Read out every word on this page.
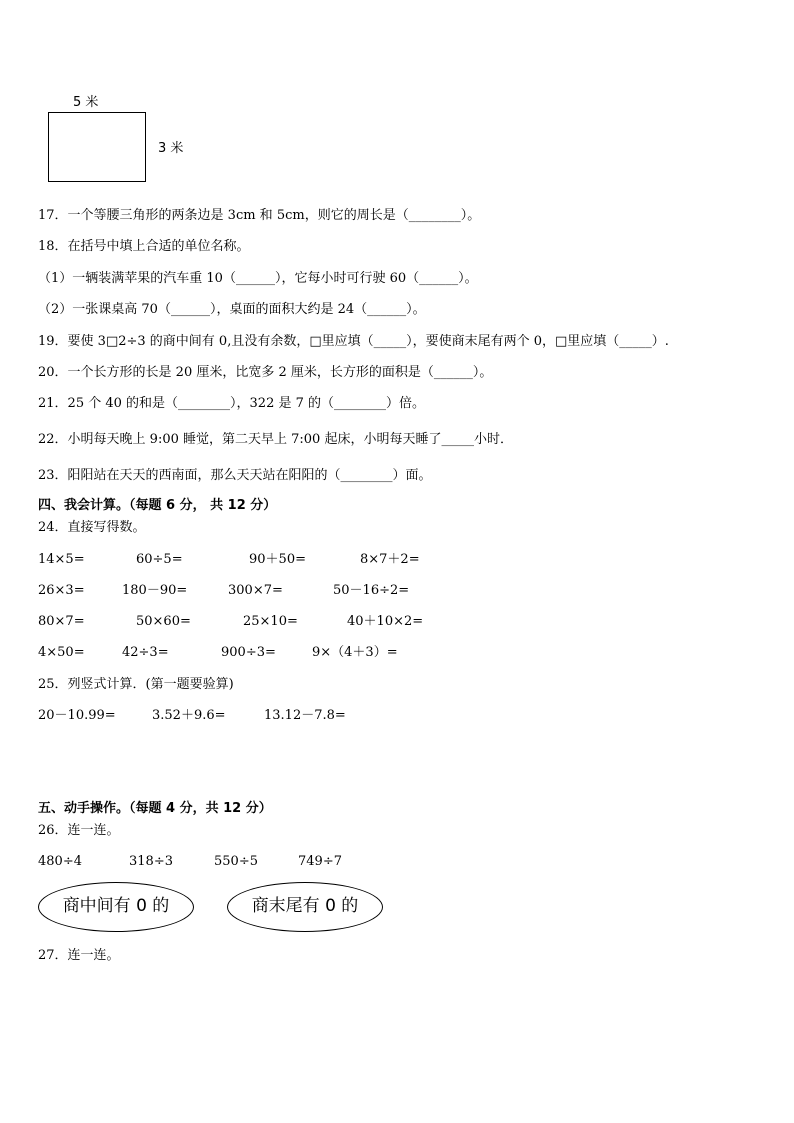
5 米
3 米
17．一个等腰三角形的两条边是 3cm 和 5cm，则它的周长是（________）。
18．在括号中填上合适的单位名称。
（1）一辆装满苹果的汽车重 10（______），它每小时可行驶 60（______）。
（2）一张课桌高 70（______），桌面的面积大约是 24（______）。
19．要使 3□2÷3 的商中间有 0,且没有余数，□里应填（_____），要使商末尾有两个 0，□里应填（_____）.
20．一个长方形的长是 20 厘米，比宽多 2 厘米，长方形的面积是（______）。
21．25 个 40 的和是（________），322 是 7 的（________）倍。
22．小明每天晚上 9:00 睡觉，第二天早上 7:00 起床，小明每天睡了_____小时．
23．阳阳站在天天的西南面，那么天天站在阳阳的（________）面。
四、我会计算。（每题 6 分， 共 12 分）
24．直接写得数。
14×5=	60÷5=	90＋50=	8×7＋2=
26×3=	180－90=	300×7=	50－16÷2=
80×7=	50×60=	25×10=	40＋10×2=
4×50=	42÷3=	900÷3=	9×（4＋3）=
25．列竖式计算．(第一题要验算)
20－10.99=	3.52＋9.6=	13.12－7.8=
五、动手操作。（每题 4 分，共 12 分）
26．连一连。
480÷4	318÷3	550÷5	749÷7
商中间有 0 的	商末尾有 0 的
27．连一连。
